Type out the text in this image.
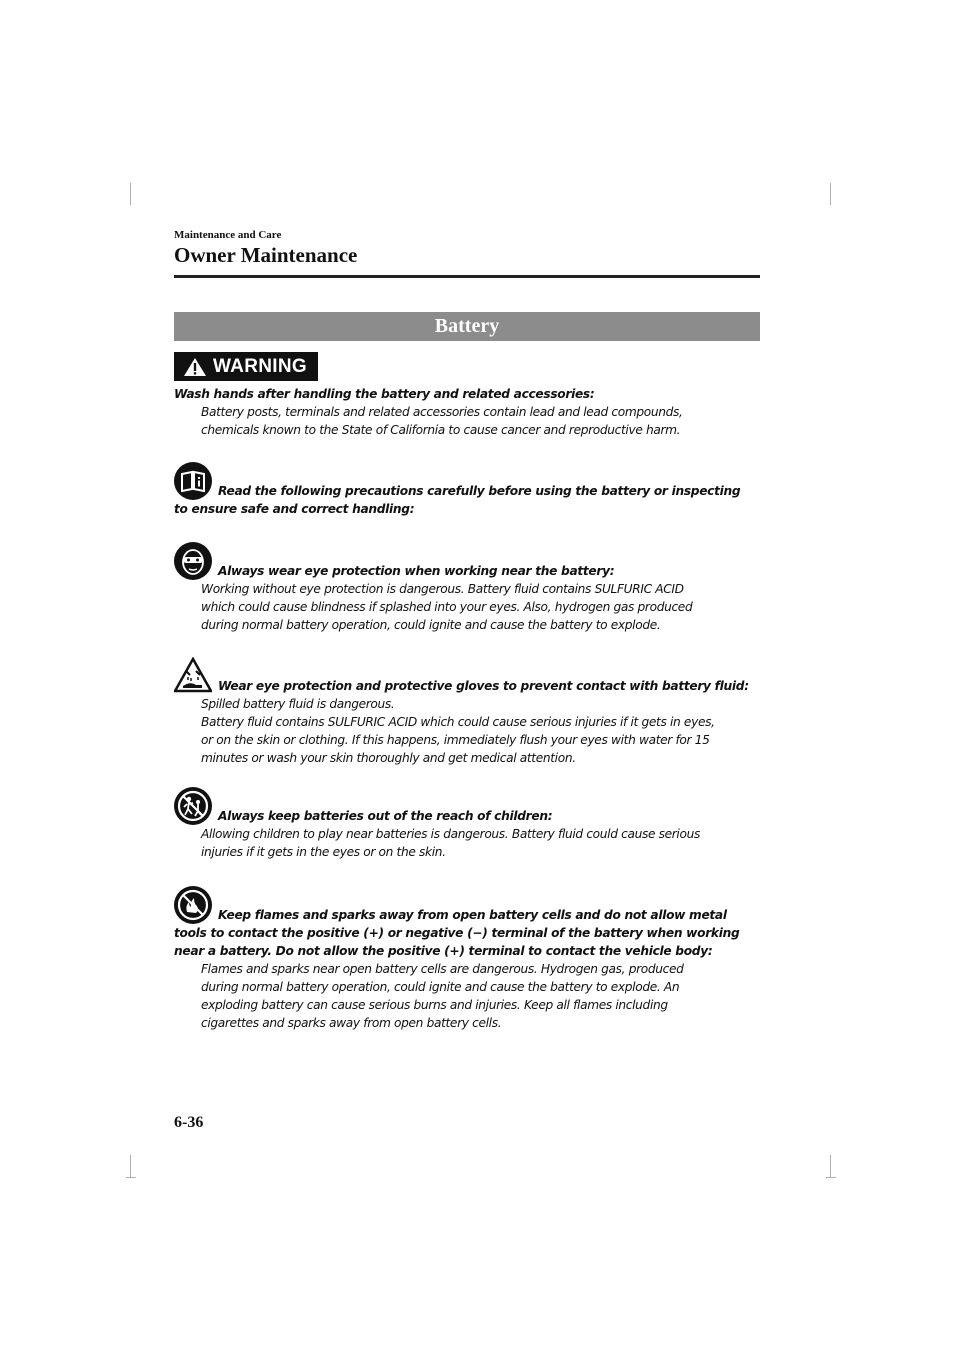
Maintenance and Care
Owner Maintenance
Battery
WARNING

Wash hands after handling the battery and related accessories:

Battery posts, terminals and related accessories contain lead and lead compounds,

chemicals known to the State of California to cause cancer and reproductive harm.

Read the following precautions carefully before using the battery or inspecting

to ensure safe and correct handling:

Always wear eye protection when working near the battery:

Working without eye protection is dangerous. Battery fluid contains SULFURIC ACID

which could cause blindness if splashed into your eyes. Also, hydrogen gas produced

during normal battery operation, could ignite and cause the battery to explode.

Wear eye protection and protective gloves to prevent contact with battery fluid:

Spilled battery fluid is dangerous.

Battery fluid contains SULFURIC ACID which could cause serious injuries if it gets in eyes,

or on the skin or clothing. If this happens, immediately flush your eyes with water for 15

minutes or wash your skin thoroughly and get medical attention.

Always keep batteries out of the reach of children:

Allowing children to play near batteries is dangerous. Battery fluid could cause serious

injuries if it gets in the eyes or on the skin.

Keep flames and sparks away from open battery cells and do not allow metal

tools to contact the positive (+) or negative (−) terminal of the battery when working

near a battery. Do not allow the positive (+) terminal to contact the vehicle body:

Flames and sparks near open battery cells are dangerous. Hydrogen gas, produced

during normal battery operation, could ignite and cause the battery to explode. An

exploding battery can cause serious burns and injuries. Keep all flames including

cigarettes and sparks away from open battery cells.

6-36
